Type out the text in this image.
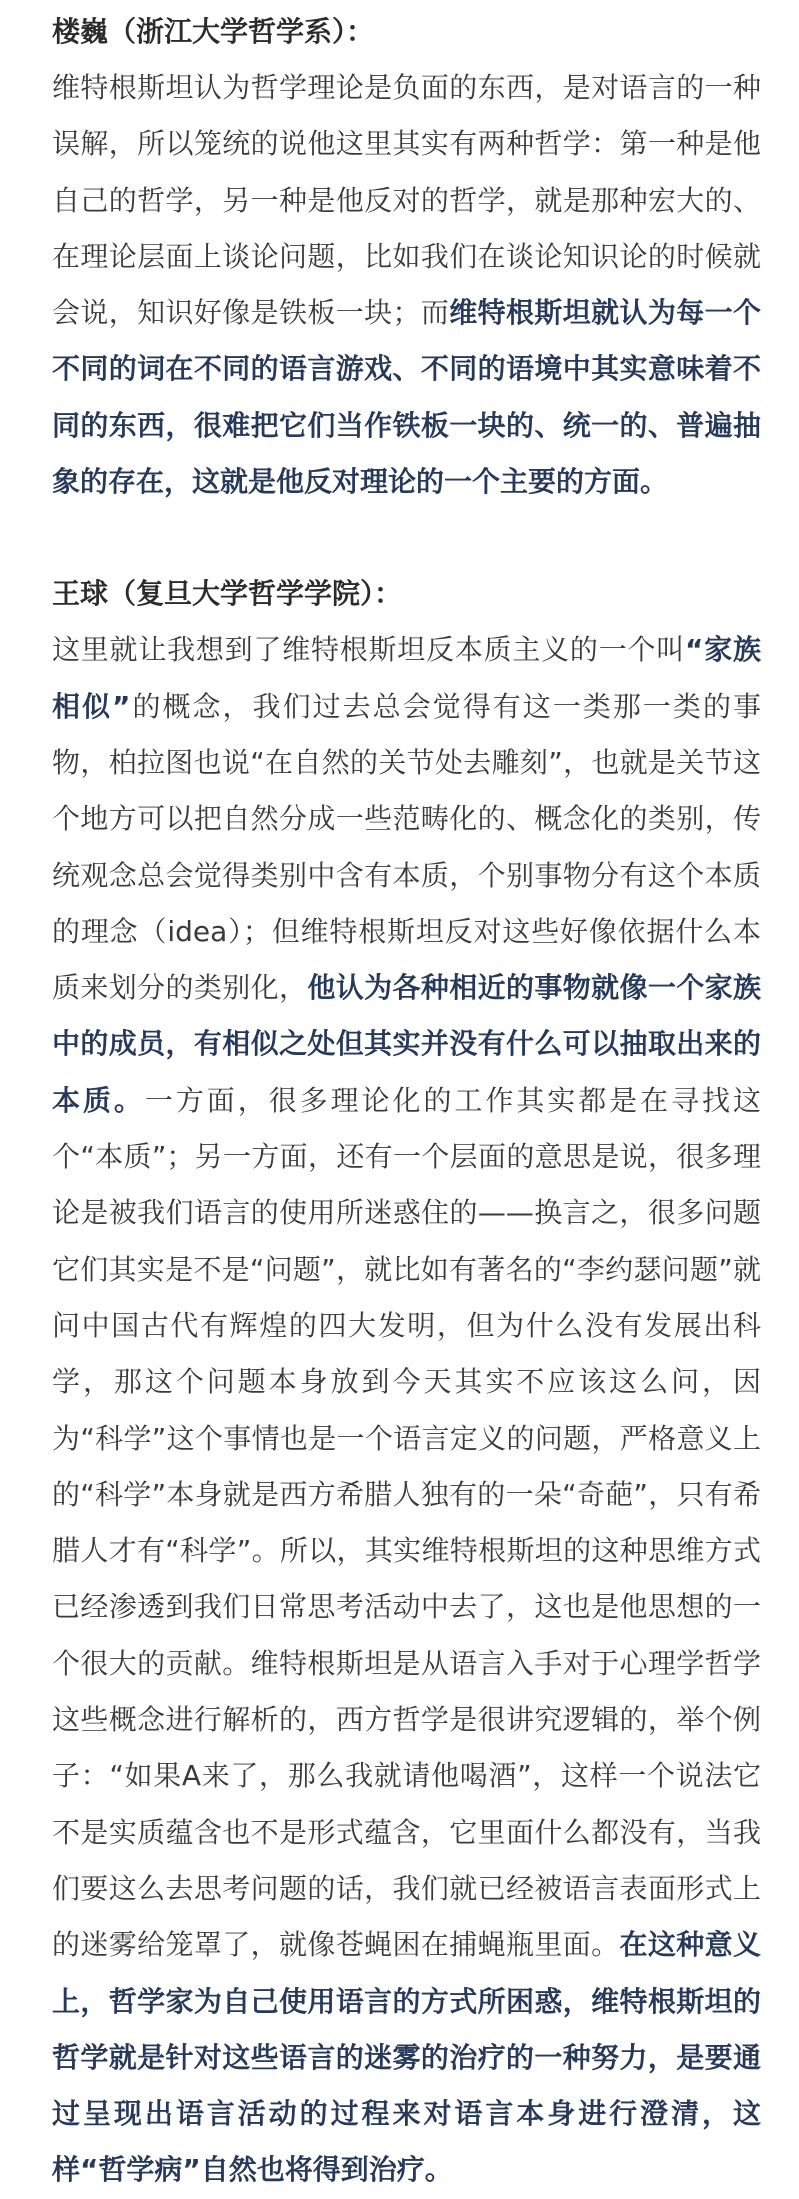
楼巍（浙江大学哲学系）：

维特根斯坦认为哲学理论是负面的东西，是对语言的一种误解，所以笼统的说他这里其实有两种哲学：第一种是他自己的哲学，另一种是他反对的哲学，就是那种宏大的、在理论层面上谈论问题，比如我们在谈论知识论的时候就会说，知识好像是铁板一块；而维特根斯坦就认为每一个不同的词在不同的语言游戏、不同的语境中其实意味着不同的东西，很难把它们当作铁板一块的、统一的、普遍抽象的存在，这就是他反对理论的一个主要的方面。

王球（复旦大学哲学学院）：

这里就让我想到了维特根斯坦反本质主义的一个叫“家族相似”的概念，我们过去总会觉得有这一类那一类的事物，柏拉图也说“在自然的关节处去雕刻”，也就是关节这个地方可以把自然分成一些范畴化的、概念化的类别，传统观念总会觉得类别中含有本质，个别事物分有这个本质的理念（idea）；但维特根斯坦反对这些好像依据什么本质来划分的类别化，他认为各种相近的事物就像一个家族中的成员，有相似之处但其实并没有什么可以抽取出来的本质。一方面，很多理论化的工作其实都是在寻找这个“本质”；另一方面，还有一个层面的意思是说，很多理论是被我们语言的使用所迷惑住的——换言之，很多问题它们其实是不是“问题”，就比如有著名的“李约瑟问题”就问中国古代有辉煌的四大发明，但为什么没有发展出科学，那这个问题本身放到今天其实不应该这么问，因为“科学”这个事情也是一个语言定义的问题，严格意义上的“科学”本身就是西方希腊人独有的一朵“奇葩”，只有希腊人才有“科学”。所以，其实维特根斯坦的这种思维方式已经渗透到我们日常思考活动中去了，这也是他思想的一个很大的贡献。维特根斯坦是从语言入手对于心理学哲学这些概念进行解析的，西方哲学是很讲究逻辑的，举个例子：“如果A来了，那么我就请他喝酒”，这样一个说法它不是实质蕴含也不是形式蕴含，它里面什么都没有，当我们要这么去思考问题的话，我们就已经被语言表面形式上的迷雾给笼罩了，就像苍蝇困在捕蝇瓶里面。在这种意义上，哲学家为自己使用语言的方式所困惑，维特根斯坦的哲学就是针对这些语言的迷雾的治疗的一种努力，是要通过呈现出语言活动的过程来对语言本身进行澄清，这样“哲学病”自然也将得到治疗。
